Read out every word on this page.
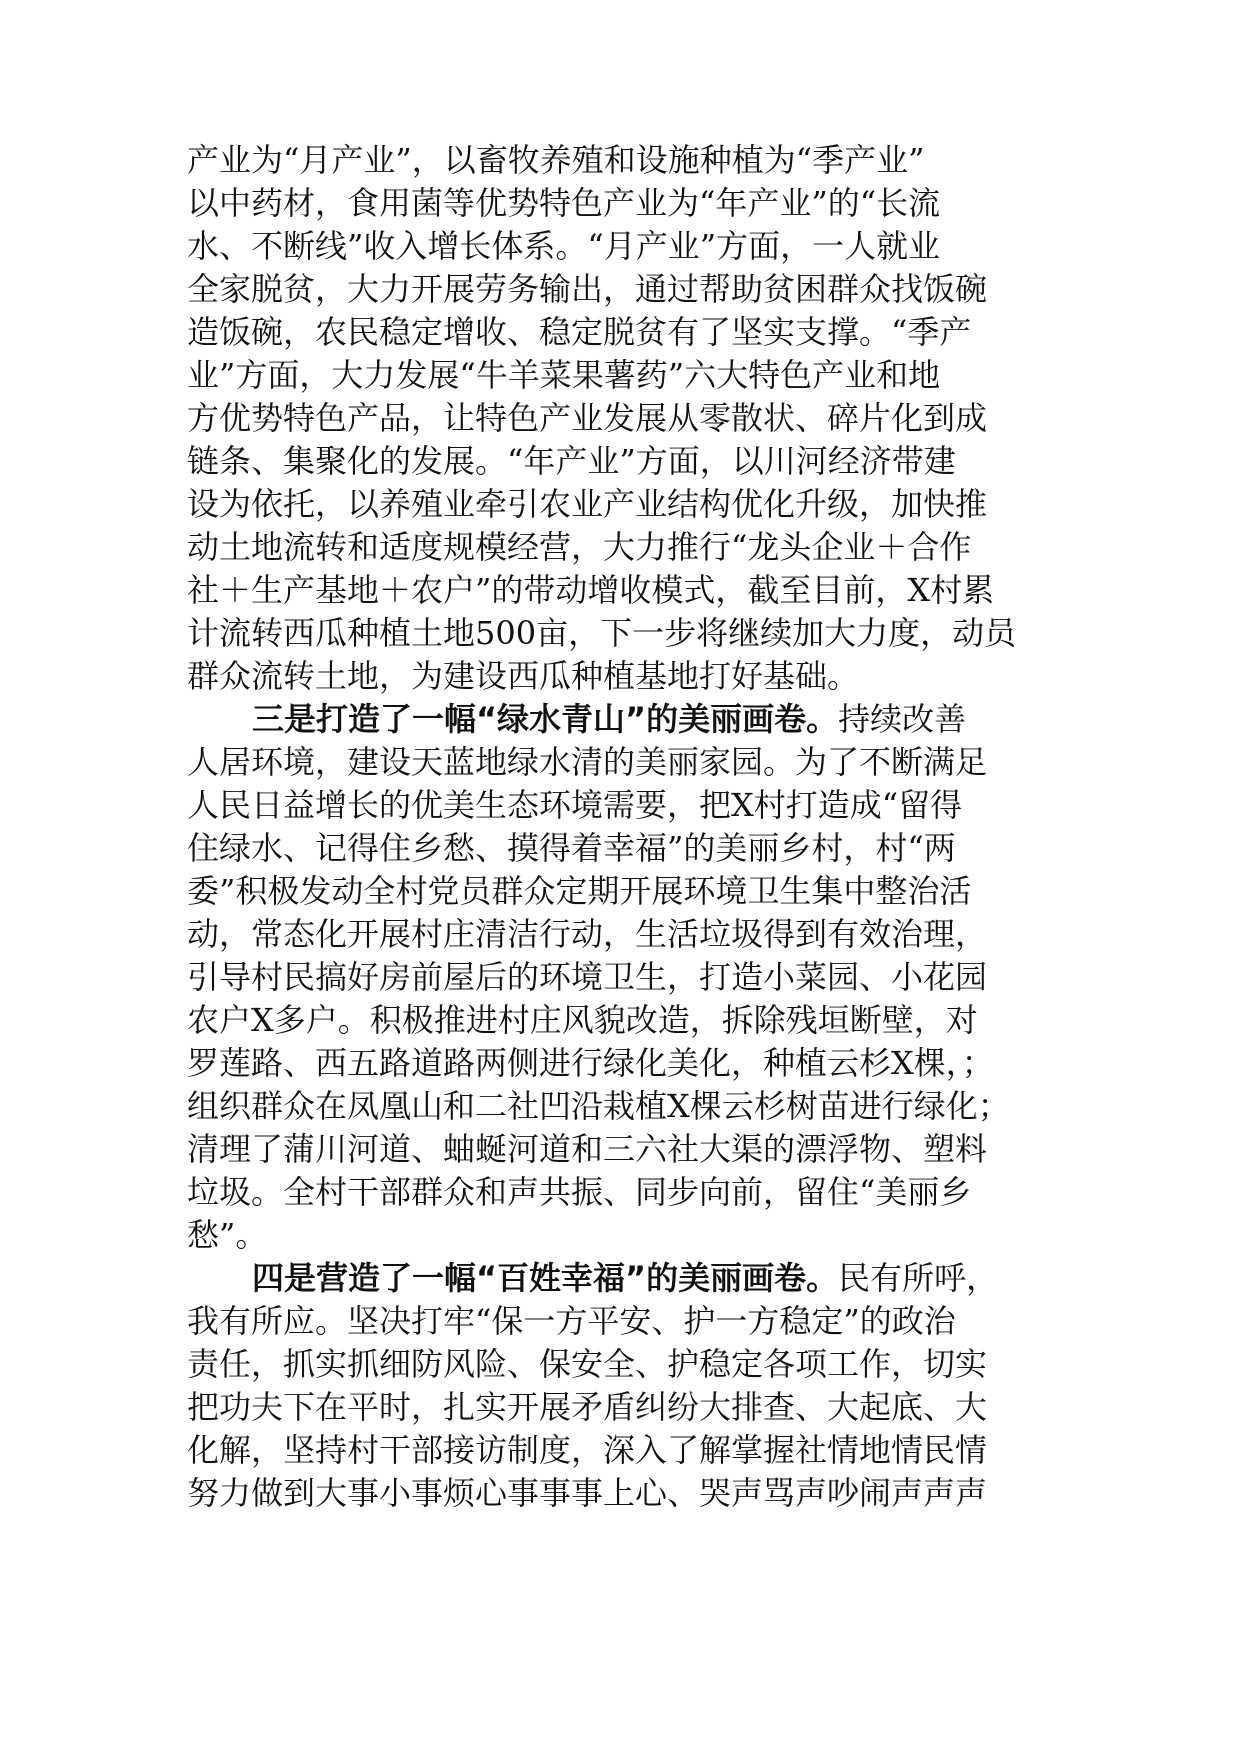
产业为“月产业”，以畜牧养殖和设施种植为“季产业”
以中药材，食用菌等优势特色产业为“年产业”的“长流
水、不断线”收入增长体系。“月产业”方面，一人就业
全家脱贫，大力开展劳务输出，通过帮助贫困群众找饭碗
造饭碗，农民稳定增收、稳定脱贫有了坚实支撑。“季产
业”方面，大力发展“牛羊菜果薯药”六大特色产业和地
方优势特色产品，让特色产业发展从零散状、碎片化到成
链条、集聚化的发展。“年产业”方面，以川河经济带建
设为依托，以养殖业牵引农业产业结构优化升级，加快推
动土地流转和适度规模经营，大力推行“龙头企业＋合作
社＋生产基地＋农户”的带动增收模式，截至目前，X村累
计流转西瓜种植土地500亩，下一步将继续加大力度，动员
群众流转土地，为建设西瓜种植基地打好基础。
三是打造了一幅“绿水青山”的美丽画卷。持续改善
人居环境，建设天蓝地绿水清的美丽家园。为了不断满足
人民日益增长的优美生态环境需要，把X村打造成“留得
住绿水、记得住乡愁、摸得着幸福”的美丽乡村，村“两
委”积极发动全村党员群众定期开展环境卫生集中整治活
动，常态化开展村庄清洁行动，生活垃圾得到有效治理，
引导村民搞好房前屋后的环境卫生，打造小菜园、小花园
农户X多户。积极推进村庄风貌改造，拆除残垣断壁，对
罗莲路、西五路道路两侧进行绿化美化，种植云杉X棵，；
组织群众在凤凰山和二社凹沿栽植X棵云杉树苗进行绿化；
清理了蒲川河道、蚰蜒河道和三六社大渠的漂浮物、塑料
垃圾。全村干部群众和声共振、同步向前，留住“美丽乡
愁”。
四是营造了一幅“百姓幸福”的美丽画卷。民有所呼，
我有所应。坚决打牢“保一方平安、护一方稳定”的政治
责任，抓实抓细防风险、保安全、护稳定各项工作，切实
把功夫下在平时，扎实开展矛盾纠纷大排查、大起底、大
化解，坚持村干部接访制度，深入了解掌握社情地情民情
努力做到大事小事烦心事事事上心、哭声骂声吵闹声声声
